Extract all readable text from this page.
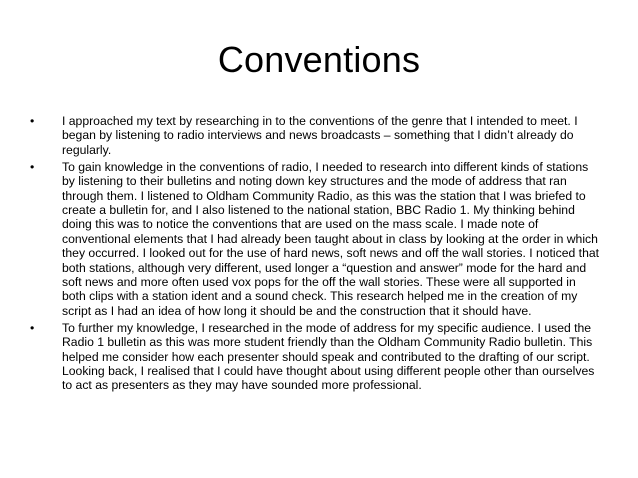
Conventions
•	I approached my text by researching in to the conventions of the genre that I intended to meet. I began by listening to radio interviews and news broadcasts – something that I didn’t already do regularly.
•	To gain knowledge in the conventions of radio, I needed to research into different kinds of stations by listening to their bulletins and noting down key structures and the mode of address that ran through them. I listened to Oldham Community Radio, as this was the station that I was briefed to create a bulletin for, and I also listened to the national station, BBC Radio 1. My thinking behind doing this was to notice the conventions that are used on the mass scale. I made note of conventional elements that I had already been taught about in class by looking at the order in which they occurred. I looked out for the use of hard news, soft news and off the wall stories. I noticed that both stations, although very different, used longer a “question and answer” mode for the hard and soft news and more often used vox pops for the off the wall stories. These were all supported in both clips with a station ident and a sound check. This research helped me in the creation of my script as I had an idea of how long it should be and the construction that it should have.
•	To further my knowledge, I researched in the mode of address for my specific audience. I used the Radio 1 bulletin as this was more student friendly than the Oldham Community Radio bulletin. This helped me consider how each presenter should speak and contributed to the drafting of our script. Looking back, I realised that I could have thought about using different people other than ourselves to act as presenters as they may have sounded more professional.
